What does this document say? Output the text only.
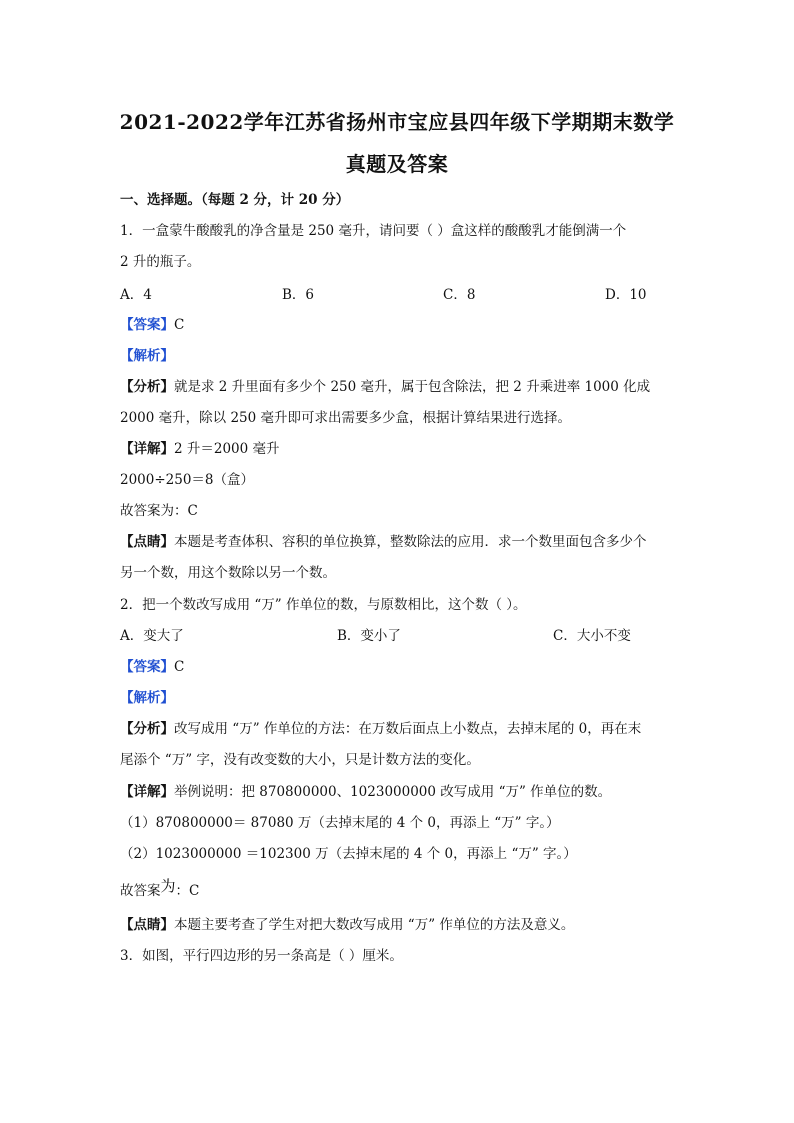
2021-2022学年江苏省扬州市宝应县四年级下学期期末数学
真题及答案
一、选择题。（每题 2 分，计 20 分）
1．一盒蒙牛酸酸乳的净含量是 250 毫升，请问要（ ）盒这样的酸酸乳才能倒满一个
2 升的瓶子。
A．4	B．6	C．8	D．10
【答案】C
【解析】
【分析】就是求 2 升里面有多少个 250 毫升，属于包含除法，把 2 升乘进率 1000 化成
2000 毫升，除以 250 毫升即可求出需要多少盒，根据计算结果进行选择。
【详解】2 升＝2000 毫升
2000÷250＝8（盒）
故答案为：C
【点睛】本题是考查体积、容积的单位换算，整数除法的应用．求一个数里面包含多少个
另一个数，用这个数除以另一个数。
2．把一个数改写成用 “万” 作单位的数，与原数相比，这个数（ ）。
A．变大了	B．变小了	C．大小不变
【答案】C
【解析】
【分析】改写成用 “万” 作单位的方法：在万数后面点上小数点，去掉末尾的 0，再在末
尾添个 “万” 字，没有改变数的大小，只是计数方法的变化。
【详解】举例说明：把 870800000、1023000000 改写成用 “万” 作单位的数。
（1）870800000＝ 87080 万（去掉末尾的 4 个 0，再添上 “万” 字。）
（2）1023000000 ＝102300 万（去掉末尾的 4 个 0，再添上 “万” 字。）
故答案为：C
【点睛】本题主要考查了学生对把大数改写成用 “万” 作单位的方法及意义。
3．如图，平行四边形的另一条高是（ ）厘米。
